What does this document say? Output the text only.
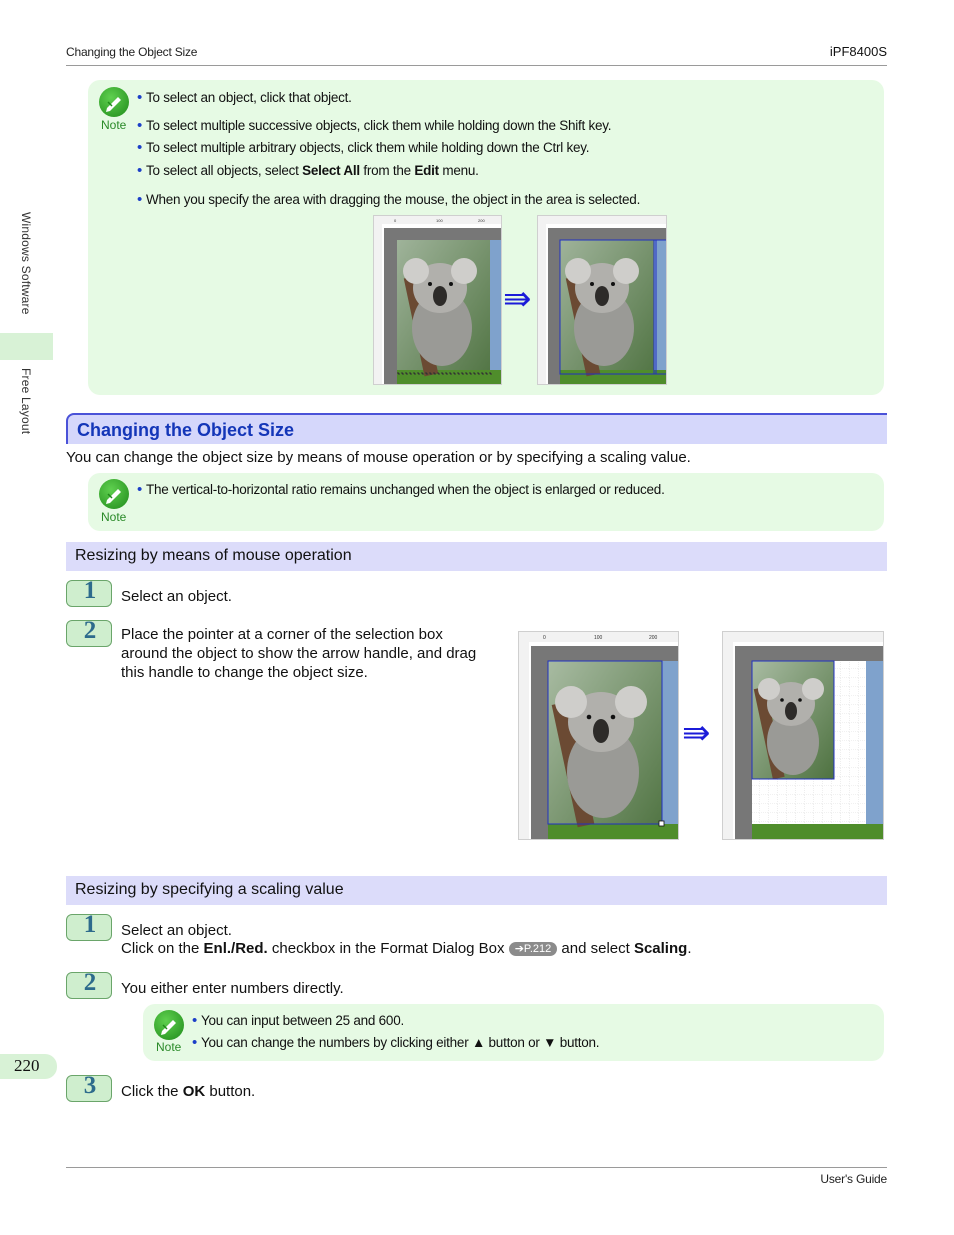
Changing the Object Size	iPF8400S
Windows Software
Free Layout
Note
• To select an object, click that object.
• To select multiple successive objects, click them while holding down the Shift key.
• To select multiple arbitrary objects, click them while holding down the Ctrl key.
• To select all objects, select Select All from the Edit menu.
• When you specify the area with dragging the mouse, the object in the area is selected.
0	100	200
⇛
Changing the Object Size
You can change the object size by means of mouse operation or by specifying a scaling value.
Note
• The vertical-to-horizontal ratio remains unchanged when the object is enlarged or reduced.
Resizing by means of mouse operation
1	Select an object.
2	Place the pointer at a corner of the selection box
around the object to show the arrow handle, and drag
this handle to change the object size.
0	100	200
⇛
Resizing by specifying a scaling value
1	Select an object.
Click on the Enl./Red. checkbox in the Format Dialog Box ➔P.212 and select Scaling.
2	You either enter numbers directly.
Note
• You can input between 25 and 600.
• You can change the numbers by clicking either ▲ button or ▼ button.
3	Click the OK button.
220
User's Guide
